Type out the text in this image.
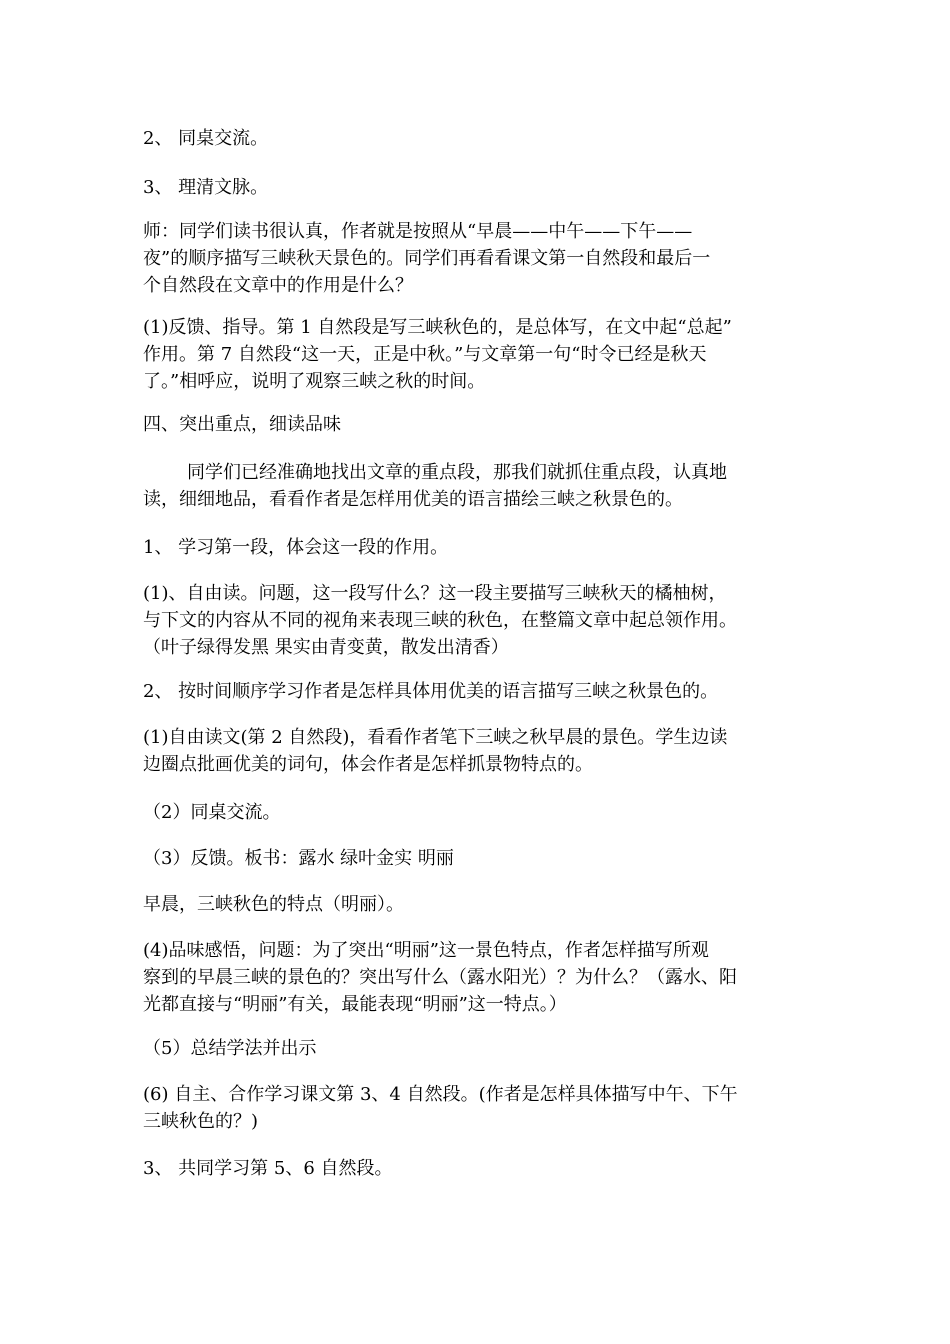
2、 同桌交流。
3、 理清文脉。
师：同学们读书很认真，作者就是按照从“早晨——中午——下午——
夜”的顺序描写三峡秋天景色的。同学们再看看课文第一自然段和最后一
个自然段在文章中的作用是什么？
(1)反馈、指导。第 1 自然段是写三峡秋色的，是总体写，在文中起“总起”
作用。第 7 自然段“这一天，正是中秋。”与文章第一句“时令已经是秋天
了。”相呼应，说明了观察三峡之秋的时间。
四、突出重点，细读品味
同学们已经准确地找出文章的重点段，那我们就抓住重点段，认真地
读，细细地品，看看作者是怎样用优美的语言描绘三峡之秋景色的。
1、 学习第一段，体会这一段的作用。
(1)、自由读。问题，这一段写什么？这一段主要描写三峡秋天的橘柚树，
与下文的内容从不同的视角来表现三峡的秋色，在整篇文章中起总领作用。
（叶子绿得发黑 果实由青变黄，散发出清香）
2、 按时间顺序学习作者是怎样具体用优美的语言描写三峡之秋景色的。
(1)自由读文(第 2 自然段)，看看作者笔下三峡之秋早晨的景色。学生边读
边圈点批画优美的词句，体会作者是怎样抓景物特点的。
（2）同桌交流。
（3）反馈。板书：露水 绿叶金实 明丽
早晨，三峡秋色的特点（明丽）。
(4)品味感悟，问题：为了突出“明丽”这一景色特点，作者怎样描写所观
察到的早晨三峡的景色的？突出写什么（露水阳光）？为什么？（露水、阳
光都直接与“明丽”有关，最能表现“明丽”这一特点。）
（5）总结学法并出示
(6) 自主、合作学习课文第 3、4 自然段。(作者是怎样具体描写中午、下午
三峡秋色的？)
3、 共同学习第 5、6 自然段。
